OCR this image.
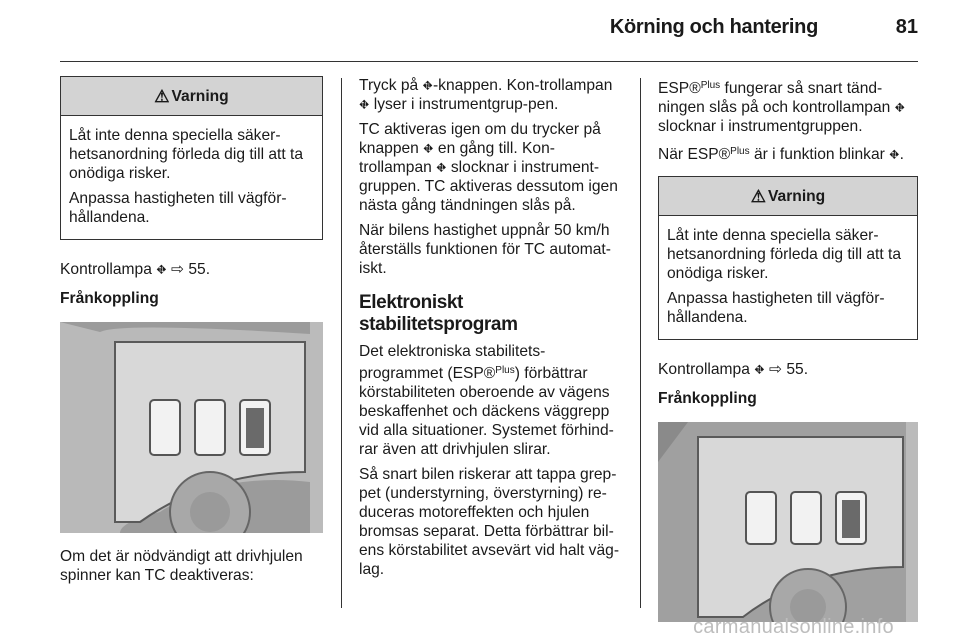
Körning och hantering	81
⚠ Varning

Låt inte denna speciella säker-hetsanordning förleda dig till att ta onödiga risker.

Anpassa hastigheten till vägför-hållandena.

Kontrollampa ⛖ ⇨ 55.

Frånkoppling

Om det är nödvändigt att drivhjulen spinner kan TC deaktiveras:

Tryck på ⛖-knappen. Kon-trollampan ⛖ lyser i instrumentgrup-pen.

TC aktiveras igen om du trycker på knappen ⛖ en gång till. Kon-trollampan ⛖ slocknar i instrument-gruppen. TC aktiveras dessutom igen nästa gång tändningen slås på.

När bilens hastighet uppnår 50 km/h återställs funktionen för TC automat-iskt.

Elektroniskt stabilitetsprogram

Det elektroniska stabilitets-programmet (ESP®$^{Plus}$) förbättrar körstabiliteten oberoende av vägens beskaffenhet och däckens väggrepp vid alla situationer. Systemet förhind-rar även att drivhjulen slirar.

Så snart bilen riskerar att tappa grep-pet (understyrning, överstyrning) re-duceras motoreffekten och hjulen bromsas separat. Detta förbättrar bil-ens körstabilitet avsevärt vid halt väg-lag.

ESP®$^{Plus}$ fungerar så snart tänd-ningen slås på och kontrollampan ⛖ slocknar i instrumentgruppen.

När ESP®$^{Plus}$ är i funktion blinkar ⛖.

⚠ Varning

Låt inte denna speciella säker-hetsanordning förleda dig till att ta onödiga risker.

Anpassa hastigheten till vägför-hållandena.

Kontrollampa ⛖ ⇨ 55.

Frånkoppling
carmanualsonline.info
